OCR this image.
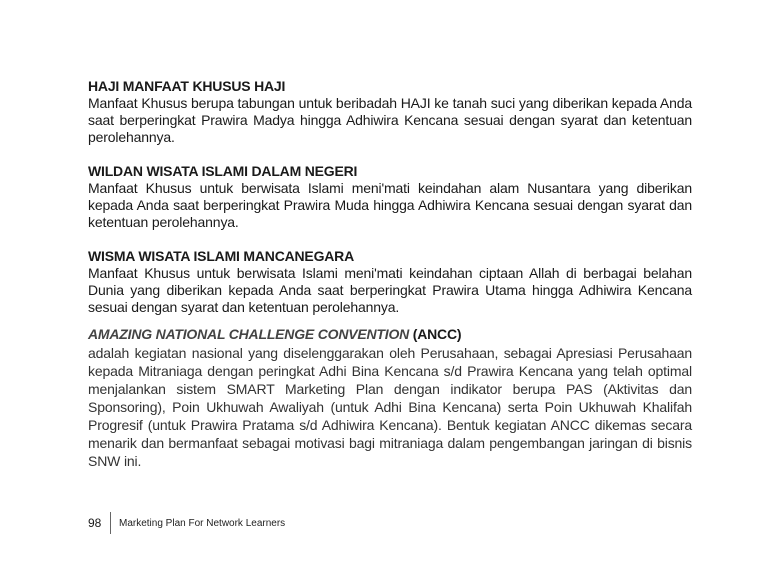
HAJI MANFAAT KHUSUS HAJI

Manfaat Khusus berupa tabungan untuk beribadah HAJI ke tanah suci yang diberikan kepada Anda saat berperingkat Prawira Madya hingga Adhiwira Kencana sesuai dengan syarat dan ketentuan perolehannya.

WILDAN WISATA ISLAMI DALAM NEGERI

Manfaat Khusus untuk berwisata Islami meni'mati keindahan alam Nusantara yang diberikan kepada Anda saat berperingkat Prawira Muda hingga Adhiwira Kencana sesuai dengan syarat dan ketentuan perolehannya.

WISMA WISATA ISLAMI MANCANEGARA

Manfaat Khusus untuk berwisata Islami meni'mati keindahan ciptaan Allah di berbagai belahan Dunia yang diberikan kepada Anda saat berperingkat Prawira Utama hingga Adhiwira Kencana sesuai dengan syarat dan ketentuan perolehannya.

AMAZING NATIONAL CHALLENGE CONVENTION (ANCC)

adalah kegiatan nasional yang diselenggarakan oleh Perusahaan, sebagai Apresiasi Perusahaan kepada Mitraniaga dengan peringkat Adhi Bina Kencana s/d Prawira Kencana yang telah optimal menjalankan sistem SMART Marketing Plan dengan indikator berupa PAS (Aktivitas dan Sponsoring), Poin Ukhuwah Awaliyah (untuk Adhi Bina Kencana) serta Poin Ukhuwah Khalifah Progresif (untuk Prawira Pratama s/d Adhiwira Kencana). Bentuk kegiatan ANCC dikemas secara menarik dan bermanfaat sebagai motivasi bagi mitraniaga dalam pengembangan jaringan di bisnis SNW ini.

98	Marketing Plan For Network Learners
